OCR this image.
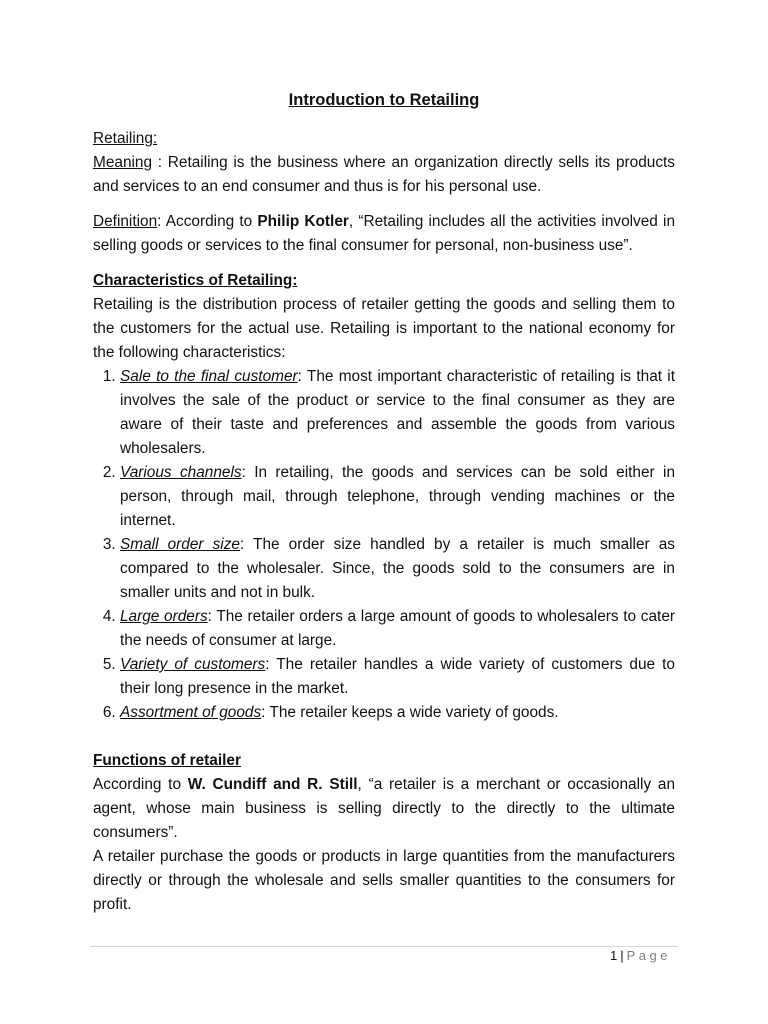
Introduction to Retailing

Retailing:

Meaning : Retailing is the business where an organization directly sells its products and services to an end consumer and thus is for his personal use.

Definition: According to Philip Kotler, “Retailing includes all the activities involved in selling goods or services to the final consumer for personal, non-business use”.

Characteristics of Retailing:

Retailing is the distribution process of retailer getting the goods and selling them to the customers for the actual use. Retailing is important to the national economy for the following characteristics:

1. Sale to the final customer: The most important characteristic of retailing is that it involves the sale of the product or service to the final consumer as they are aware of their taste and preferences and assemble the goods from various wholesalers.
2. Various channels: In retailing, the goods and services can be sold either in person, through mail, through telephone, through vending machines or the internet.
3. Small order size: The order size handled by a retailer is much smaller as compared to the wholesaler. Since, the goods sold to the consumers are in smaller units and not in bulk.
4. Large orders: The retailer orders a large amount of goods to wholesalers to cater the needs of consumer at large.
5. Variety of customers: The retailer handles a wide variety of customers due to their long presence in the market.
6. Assortment of goods: The retailer keeps a wide variety of goods.

Functions of retailer

According to W. Cundiff and R. Still, “a retailer is a merchant or occasionally an agent, whose main business is selling directly to the directly to the ultimate consumers”.

A retailer purchase the goods or products in large quantities from the manufacturers directly or through the wholesale and sells smaller quantities to the consumers for profit.

1 | Page
